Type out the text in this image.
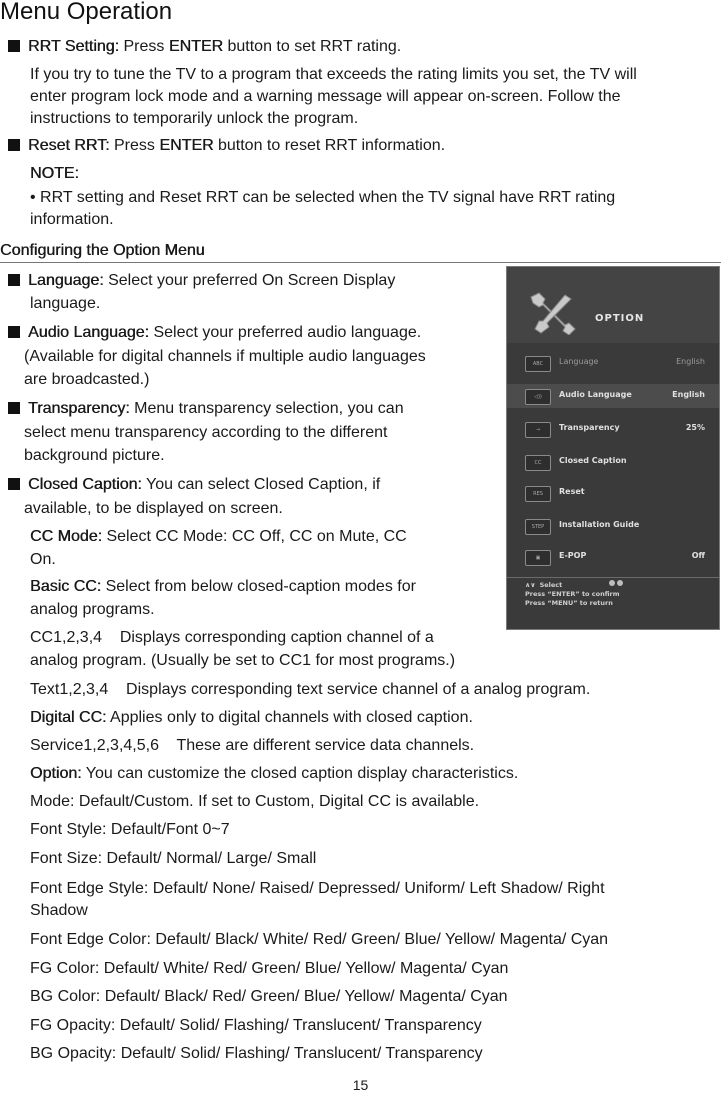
Menu Operation
RRT Setting: Press ENTER button to set RRT rating.
If you try to tune the TV to a program that exceeds the rating limits you set, the TV will
enter program lock mode and a warning message will appear on-screen. Follow the
instructions to temporarily unlock the program.
Reset RRT: Press ENTER button to reset RRT information.
NOTE:
• RRT setting and Reset RRT can be selected when the TV signal have RRT rating
information.
Configuring the Option Menu
Language: Select your preferred On Screen Display
language.
Audio Language: Select your preferred audio language.
(Available for digital channels if multiple audio languages
are broadcasted.)
Transparency: Menu transparency selection, you can
select menu transparency according to the different
background picture.
Closed Caption: You can select Closed Caption, if
available, to be displayed on screen.
CC Mode: Select CC Mode: CC Off, CC on Mute, CC
On.
Basic CC: Select from below closed-caption modes for
analog programs.
CC1,2,3,4    Displays corresponding caption channel of a
analog program. (Usually be set to CC1 for most programs.)
Text1,2,3,4    Displays corresponding text service channel of a analog program.
Digital CC: Applies only to digital channels with closed caption.
Service1,2,3,4,5,6    These are different service data channels.
Option: You can customize the closed caption display characteristics.
Mode: Default/Custom. If set to Custom, Digital CC is available.
Font Style: Default/Font 0~7
Font Size: Default/ Normal/ Large/ Small
Font Edge Style: Default/ None/ Raised/ Depressed/ Uniform/ Left Shadow/ Right
Shadow
Font Edge Color: Default/ Black/ White/ Red/ Green/ Blue/ Yellow/ Magenta/ Cyan
FG Color: Default/ White/ Red/ Green/ Blue/ Yellow/ Magenta/ Cyan
BG Color: Default/ Black/ Red/ Green/ Blue/ Yellow/ Magenta/ Cyan
FG Opacity: Default/ Solid/ Flashing/ Translucent/ Transparency
BG Opacity: Default/ Solid/ Flashing/ Translucent/ Transparency
15
OPTION
ABC	Language	English
◁))	Audio Language	English
→	Transparency	25%
CC	Closed Caption
RES	Reset
STEP	Installation Guide
▣	E-POP	Off
∧∨ Select
Press “ENTER” to confirm
Press “MENU” to return
